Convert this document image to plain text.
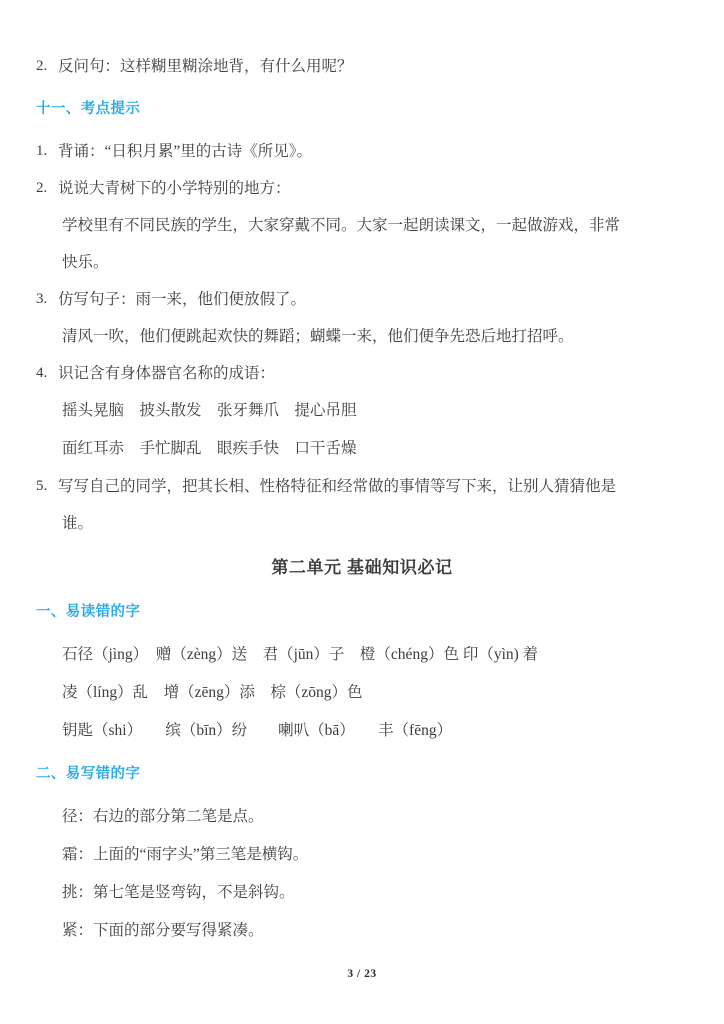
2. 反问句：这样糊里糊涂地背，有什么用呢？
十一、考点提示
1. 背诵：“日积月累”里的古诗《所见》。
2. 说说大青树下的小学特别的地方：
学校里有不同民族的学生，大家穿戴不同。大家一起朗读课文，一起做游戏，非常
快乐。
3. 仿写句子：雨一来，他们便放假了。
清风一吹，他们便跳起欢快的舞蹈；蝴蝶一来，他们便争先恐后地打招呼。
4. 识记含有身体器官名称的成语：
摇头晃脑　披头散发　张牙舞爪　提心吊胆
面红耳赤　手忙脚乱　眼疾手快　口干舌燥
5. 写写自己的同学，把其长相、性格特征和经常做的事情等写下来，让别人猜猜他是
谁。
第二单元 基础知识必记
一、易读错的字
石径（jìng）　赠（zèng）送　君（jūn）子　橙（chéng）色 印（yìn) 着
凌（líng）乱　增（zēng）添　棕（zōng）色
钥匙（shi）　　缤（bīn）纷　　喇叭（bā）　　丰（fēng）
二、易写错的字
径：右边的部分第二笔是点。
霜：上面的“雨字头”第三笔是横钩。
挑：第七笔是竖弯钩，不是斜钩。
紧：下面的部分要写得紧凑。
3 / 23
